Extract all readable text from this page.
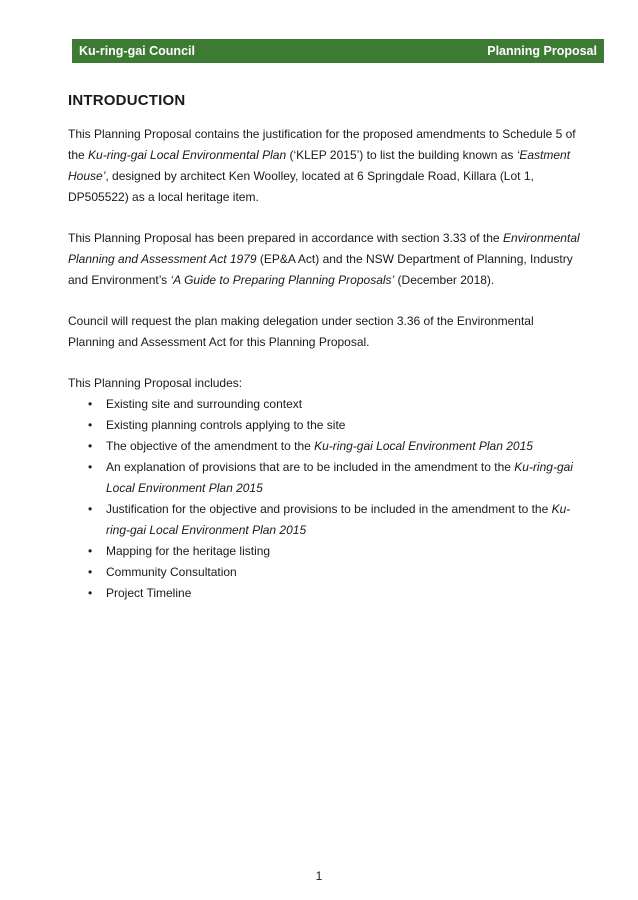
Ku-ring-gai Council	Planning Proposal
INTRODUCTION

This Planning Proposal contains the justification for the proposed amendments to Schedule 5 of the Ku-ring-gai Local Environmental Plan (‘KLEP 2015’) to list the building known as ‘Eastment House’, designed by architect Ken Woolley, located at 6 Springdale Road, Killara (Lot 1, DP505522) as a local heritage item.

This Planning Proposal has been prepared in accordance with section 3.33 of the Environmental Planning and Assessment Act 1979 (EP&A Act) and the NSW Department of Planning, Industry and Environment’s ‘A Guide to Preparing Planning Proposals’ (December 2018).

Council will request the plan making delegation under section 3.36 of the Environmental Planning and Assessment Act for this Planning Proposal.

This Planning Proposal includes:

• Existing site and surrounding context
• Existing planning controls applying to the site
• The objective of the amendment to the Ku-ring-gai Local Environment Plan 2015
• An explanation of provisions that are to be included in the amendment to the Ku-ring-gai Local Environment Plan 2015
• Justification for the objective and provisions to be included in the amendment to the Ku-ring-gai Local Environment Plan 2015
• Mapping for the heritage listing
• Community Consultation
• Project Timeline
1
